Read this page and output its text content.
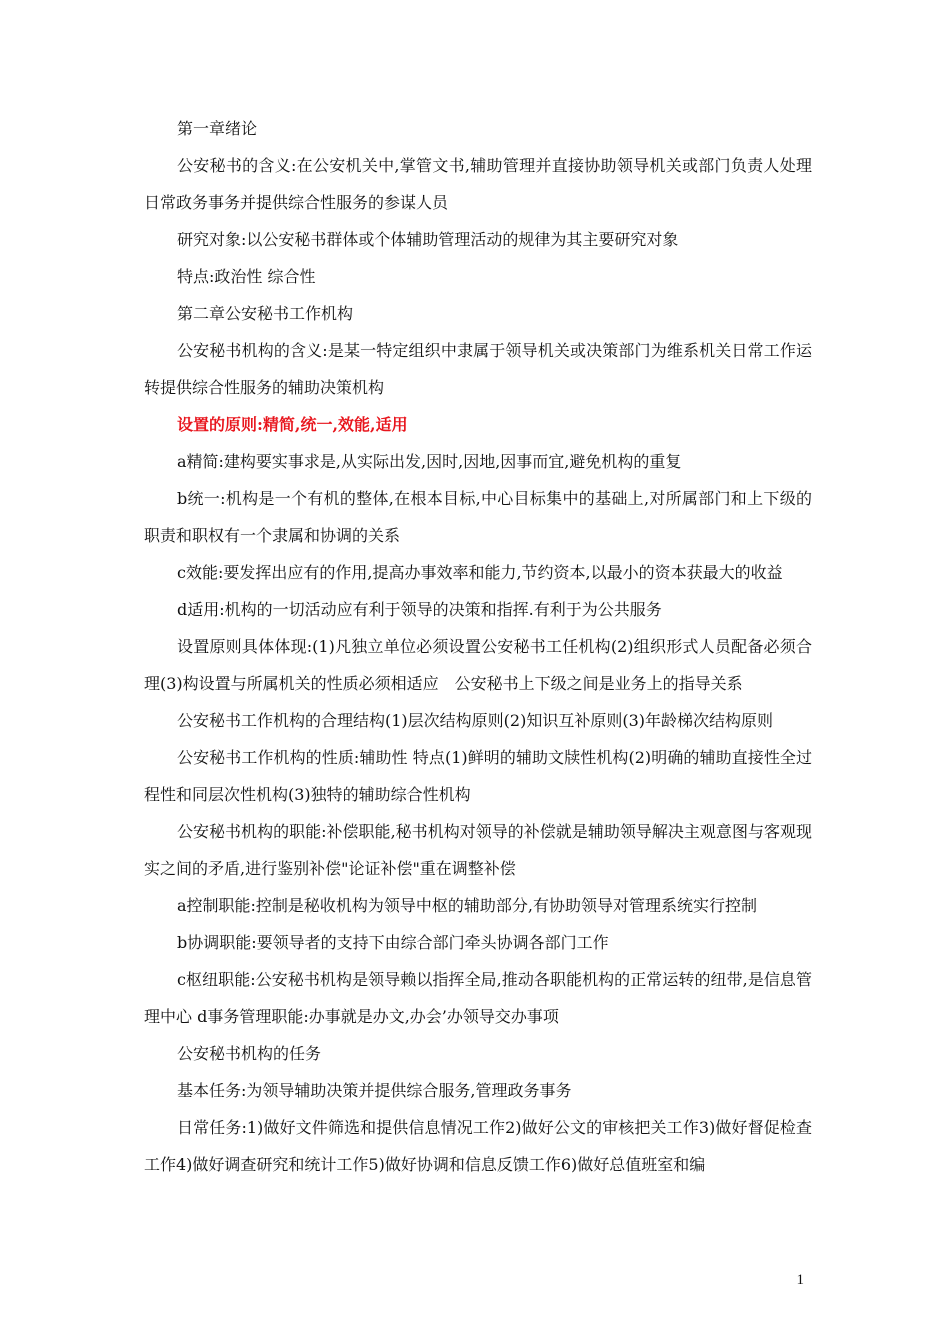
第一章绪论

公安秘书的含义:在公安机关中,掌管文书,辅助管理并直接协助领导机关或部门负责人处理日常政务事务并提供综合性服务的参谋人员

研究对象:以公安秘书群体或个体辅助管理活动的规律为其主要研究对象

特点:政治性 综合性

第二章公安秘书工作机构

公安秘书机构的含义:是某一特定组织中隶属于领导机关或决策部门为维系机关日常工作运转提供综合性服务的辅助决策机构

设置的原则:精简,统一,效能,适用

a精简:建构要实事求是,从实际出发,因时,因地,因事而宜,避免机构的重复

b统一:机构是一个有机的整体,在根本目标,中心目标集中的基础上,对所属部门和上下级的职责和职权有一个隶属和协调的关系

c效能:要发挥出应有的作用,提高办事效率和能力,节约资本,以最小的资本获最大的收益

d适用:机构的一切活动应有利于领导的决策和指挥.有利于为公共服务

设置原则具体体现:(1)凡独立单位必须设置公安秘书工任机构(2)组织形式人员配备必须合理(3)构设置与所属机关的性质必须相适应　公安秘书上下级之间是业务上的指导关系

公安秘书工作机构的合理结构(1)层次结构原则(2)知识互补原则(3)年龄梯次结构原则

公安秘书工作机构的性质:辅助性 特点(1)鲜明的辅助文牍性机构(2)明确的辅助直接性全过程性和同层次性机构(3)独特的辅助综合性机构

公安秘书机构的职能:补偿职能,秘书机构对领导的补偿就是辅助领导解决主观意图与客观现实之间的矛盾,进行鉴别补偿"论证补偿"重在调整补偿

a控制职能:控制是秘收机构为领导中枢的辅助部分,有协助领导对管理系统实行控制

b协调职能:要领导者的支持下由综合部门牵头协调各部门工作

c枢纽职能:公安秘书机构是领导赖以指挥全局,推动各职能机构的正常运转的纽带,是信息管理中心 d事务管理职能:办事就是办文,办会’办领导交办事项

公安秘书机构的任务

基本任务:为领导辅助决策并提供综合服务,管理政务事务

日常任务:1)做好文件筛选和提供信息情况工作2)做好公文的审核把关工作3)做好督促检查工作4)做好调查研究和统计工作5)做好协调和信息反馈工作6)做好总值班室和编

1
